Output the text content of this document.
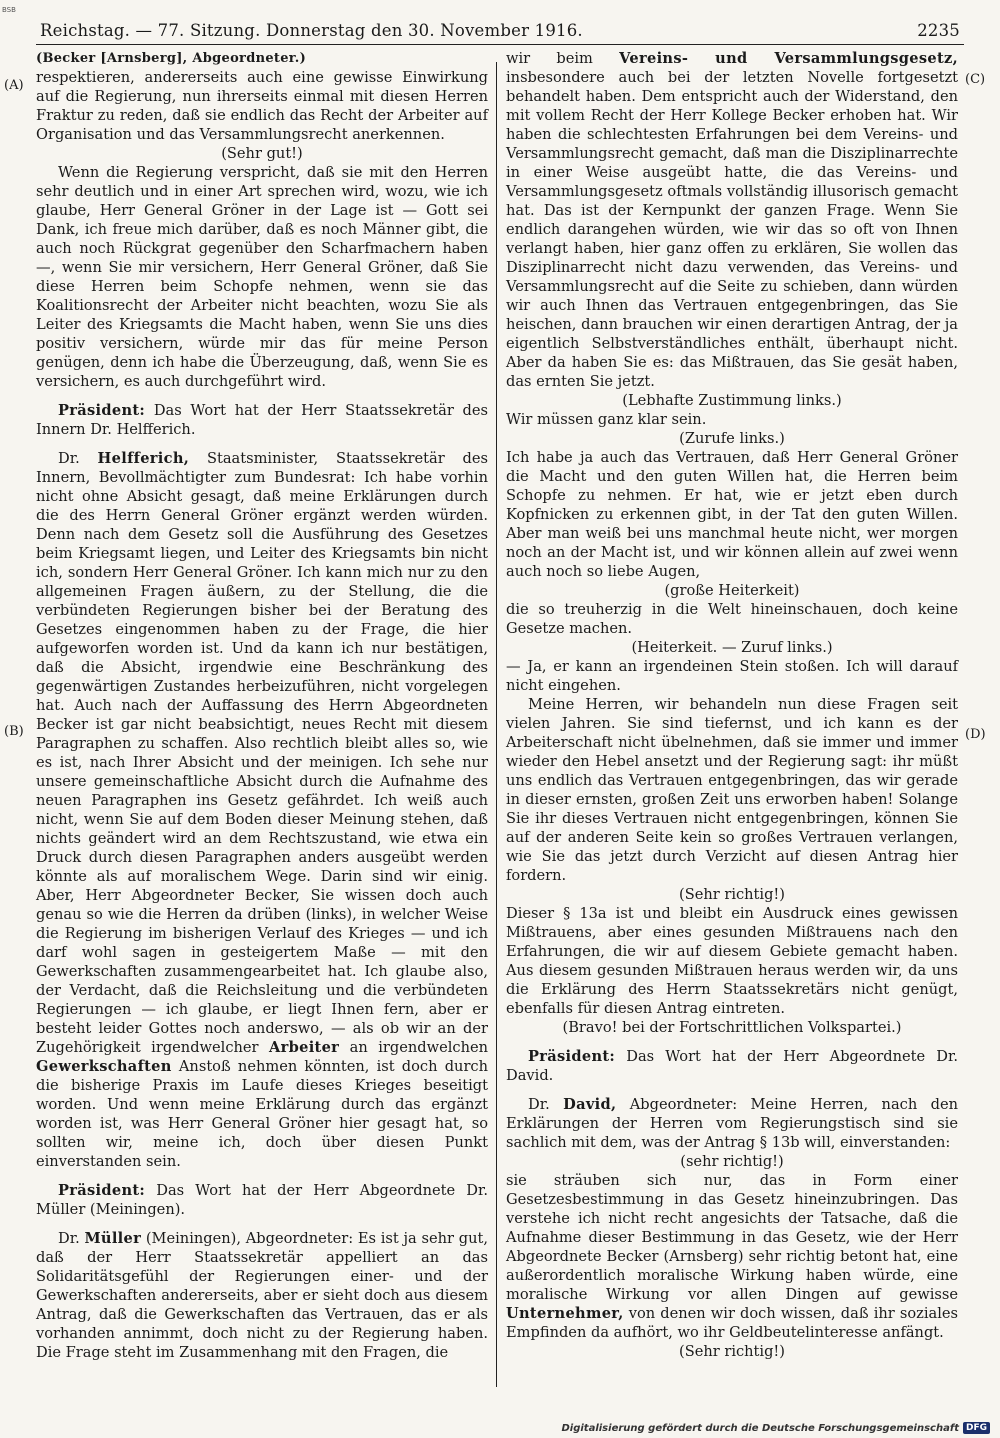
BSB
Reichstag. — 77. Sitzung. Donnerstag den 30. November 1916.	2235
(A)
(B)
(C)
(D)

(Becker [Arnsberg], Abgeordneter.)

respektieren, andererseits auch eine gewisse Einwirkung auf die Regierung, nun ihrerseits einmal mit diesen Herren Fraktur zu reden, daß sie endlich das Recht der Arbeiter auf Organisation und das Versammlungsrecht anerkennen.

(Sehr gut!)

Wenn die Regierung verspricht, daß sie mit den Herren sehr deutlich und in einer Art sprechen wird, wozu, wie ich glaube, Herr General Gröner in der Lage ist — Gott sei Dank, ich freue mich darüber, daß es noch Männer gibt, die auch noch Rückgrat gegenüber den Scharfmachern haben —, wenn Sie mir versichern, Herr General Gröner, daß Sie diese Herren beim Schopfe nehmen, wenn sie das Koalitionsrecht der Arbeiter nicht beachten, wozu Sie als Leiter des Kriegsamts die Macht haben, wenn Sie uns dies positiv versichern, würde mir das für meine Person genügen, denn ich habe die Überzeugung, daß, wenn Sie es versichern, es auch durchgeführt wird.

Präsident: Das Wort hat der Herr Staatssekretär des Innern Dr. Helfferich.

Dr. Helfferich, Staatsminister, Staatssekretär des Innern, Bevollmächtigter zum Bundesrat: Ich habe vorhin nicht ohne Absicht gesagt, daß meine Erklärungen durch die des Herrn General Gröner ergänzt werden würden. Denn nach dem Gesetz soll die Ausführung des Gesetzes beim Kriegsamt liegen, und Leiter des Kriegsamts bin nicht ich, sondern Herr General Gröner. Ich kann mich nur zu den allgemeinen Fragen äußern, zu der Stellung, die die verbündeten Regierungen bisher bei der Beratung des Gesetzes eingenommen haben zu der Frage, die hier aufgeworfen worden ist. Und da kann ich nur bestätigen, daß die Absicht, irgendwie eine Beschränkung des gegenwärtigen Zustandes herbeizuführen, nicht vorgelegen hat. Auch nach der Auffassung des Herrn Abgeordneten Becker ist gar nicht beabsichtigt, neues Recht mit diesem Paragraphen zu schaffen. Also rechtlich bleibt alles so, wie es ist, nach Ihrer Absicht und der meinigen. Ich sehe nur unsere gemeinschaftliche Absicht durch die Aufnahme des neuen Paragraphen ins Gesetz gefährdet. Ich weiß auch nicht, wenn Sie auf dem Boden dieser Meinung stehen, daß nichts geändert wird an dem Rechtszustand, wie etwa ein Druck durch diesen Paragraphen anders ausgeübt werden könnte als auf moralischem Wege. Darin sind wir einig. Aber, Herr Abgeordneter Becker, Sie wissen doch auch genau so wie die Herren da drüben (links), in welcher Weise die Regierung im bisherigen Verlauf des Krieges — und ich darf wohl sagen in gesteigertem Maße — mit den Gewerkschaften zusammengearbeitet hat. Ich glaube also, der Verdacht, daß die Reichsleitung und die verbündeten Regierungen — ich glaube, er liegt Ihnen fern, aber er besteht leider Gottes noch anderswo, — als ob wir an der Zugehörigkeit irgendwelcher Arbeiter an irgendwelchen Gewerkschaften Anstoß nehmen könnten, ist doch durch die bisherige Praxis im Laufe dieses Krieges beseitigt worden. Und wenn meine Erklärung durch das ergänzt worden ist, was Herr General Gröner hier gesagt hat, so sollten wir, meine ich, doch über diesen Punkt einverstanden sein.

Präsident: Das Wort hat der Herr Abgeordnete Dr. Müller (Meiningen).

Dr. Müller (Meiningen), Abgeordneter: Es ist ja sehr gut, daß der Herr Staatssekretär appelliert an das Solidaritätsgefühl der Regierungen einer- und der Gewerkschaften andererseits, aber er sieht doch aus diesem Antrag, daß die Gewerkschaften das Vertrauen, das er als vorhanden annimmt, doch nicht zu der Regierung haben. Die Frage steht im Zusammenhang mit den Fragen, die

wir beim Vereins- und Versammlungsgesetz, insbesondere auch bei der letzten Novelle fortgesetzt behandelt haben. Dem entspricht auch der Widerstand, den mit vollem Recht der Herr Kollege Becker erhoben hat. Wir haben die schlechtesten Erfahrungen bei dem Vereins- und Versammlungsrecht gemacht, daß man die Disziplinarrechte in einer Weise ausgeübt hatte, die das Vereins- und Versammlungsgesetz oftmals vollständig illusorisch gemacht hat. Das ist der Kernpunkt der ganzen Frage. Wenn Sie endlich darangehen würden, wie wir das so oft von Ihnen verlangt haben, hier ganz offen zu erklären, Sie wollen das Disziplinarrecht nicht dazu verwenden, das Vereins- und Versammlungsrecht auf die Seite zu schieben, dann würden wir auch Ihnen das Vertrauen entgegenbringen, das Sie heischen, dann brauchen wir einen derartigen Antrag, der ja eigentlich Selbstverständliches enthält, überhaupt nicht. Aber da haben Sie es: das Mißtrauen, das Sie gesät haben, das ernten Sie jetzt.

(Lebhafte Zustimmung links.)

Wir müssen ganz klar sein.

(Zurufe links.)

Ich habe ja auch das Vertrauen, daß Herr General Gröner die Macht und den guten Willen hat, die Herren beim Schopfe zu nehmen. Er hat, wie er jetzt eben durch Kopfnicken zu erkennen gibt, in der Tat den guten Willen. Aber man weiß bei uns manchmal heute nicht, wer morgen noch an der Macht ist, und wir können allein auf zwei wenn auch noch so liebe Augen,

(große Heiterkeit)

die so treuherzig in die Welt hineinschauen, doch keine Gesetze machen.

(Heiterkeit. — Zuruf links.)

— Ja, er kann an irgendeinen Stein stoßen. Ich will darauf nicht eingehen.

Meine Herren, wir behandeln nun diese Fragen seit vielen Jahren. Sie sind tiefernst, und ich kann es der Arbeiterschaft nicht übelnehmen, daß sie immer und immer wieder den Hebel ansetzt und der Regierung sagt: ihr müßt uns endlich das Vertrauen entgegenbringen, das wir gerade in dieser ernsten, großen Zeit uns erworben haben! Solange Sie ihr dieses Vertrauen nicht entgegenbringen, können Sie auf der anderen Seite kein so großes Vertrauen verlangen, wie Sie das jetzt durch Verzicht auf diesen Antrag hier fordern.

(Sehr richtig!)

Dieser § 13a ist und bleibt ein Ausdruck eines gewissen Mißtrauens, aber eines gesunden Mißtrauens nach den Erfahrungen, die wir auf diesem Gebiete gemacht haben. Aus diesem gesunden Mißtrauen heraus werden wir, da uns die Erklärung des Herrn Staatssekretärs nicht genügt, ebenfalls für diesen Antrag eintreten.

(Bravo! bei der Fortschrittlichen Volkspartei.)

Präsident: Das Wort hat der Herr Abgeordnete Dr. David.

Dr. David, Abgeordneter: Meine Herren, nach den Erklärungen der Herren vom Regierungstisch sind sie sachlich mit dem, was der Antrag § 13b will, einverstanden:

(sehr richtig!)

sie sträuben sich nur, das in Form einer Gesetzesbestimmung in das Gesetz hineinzubringen. Das verstehe ich nicht recht angesichts der Tatsache, daß die Aufnahme dieser Bestimmung in das Gesetz, wie der Herr Abgeordnete Becker (Arnsberg) sehr richtig betont hat, eine außerordentlich moralische Wirkung haben würde, eine moralische Wirkung vor allen Dingen auf gewisse Unternehmer, von denen wir doch wissen, daß ihr soziales Empfinden da aufhört, wo ihr Geldbeutelinteresse anfängt.

(Sehr richtig!)

Digitalisierung gefördert durch die Deutsche Forschungsgemeinschaft DFG
